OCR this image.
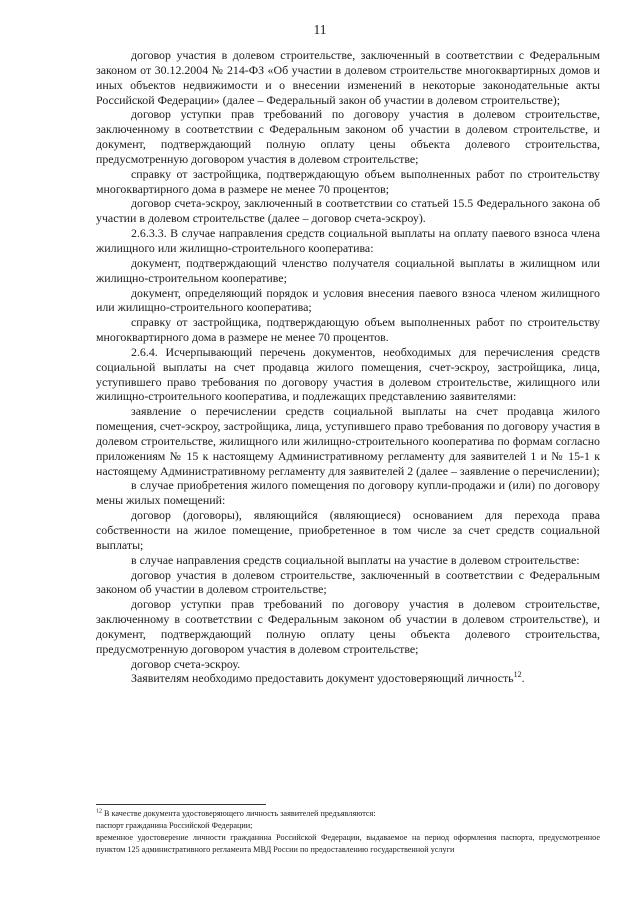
11

договор участия в долевом строительстве, заключенный в соответствии с Федеральным законом от 30.12.2004 № 214-ФЗ «Об участии в долевом строительстве многоквартирных домов и иных объектов недвижимости и о внесении изменений в некоторые законодательные акты Российской Федерации» (далее – Федеральный закон об участии в долевом строительстве);

договор уступки прав требований по договору участия в долевом строительстве, заключенному в соответствии с Федеральным законом об участии в долевом строительстве, и документ, подтверждающий полную оплату цены объекта долевого строительства, предусмотренную договором участия в долевом строительстве;

справку от застройщика, подтверждающую объем выполненных работ по строительству многоквартирного дома в размере не менее 70 процентов;

договор счета-эскроу, заключенный в соответствии со статьей 15.5 Федерального закона об участии в долевом строительстве (далее – договор счета-эскроу).

2.6.3.3. В случае направления средств социальной выплаты на оплату паевого взноса члена жилищного или жилищно-строительного кооператива:

документ, подтверждающий членство получателя социальной выплаты в жилищном или жилищно-строительном кооперативе;

документ, определяющий порядок и условия внесения паевого взноса членом жилищного или жилищно-строительного кооператива;

справку от застройщика, подтверждающую объем выполненных работ по строительству многоквартирного дома в размере не менее 70 процентов.

2.6.4. Исчерпывающий перечень документов, необходимых для перечисления средств социальной выплаты на счет продавца жилого помещения, счет-эскроу, застройщика, лица, уступившего право требования по договору участия в долевом строительстве, жилищного или жилищно-строительного кооператива, и подлежащих представлению заявителями:

заявление о перечислении средств социальной выплаты на счет продавца жилого помещения, счет-эскроу, застройщика, лица, уступившего право требования по договору участия в долевом строительстве, жилищного или жилищно-строительного кооператива по формам согласно приложениям № 15 к настоящему Административному регламенту для заявителей 1 и № 15-1 к настоящему Административному регламенту для заявителей 2 (далее – заявление о перечислении);

в случае приобретения жилого помещения по договору купли-продажи и (или) по договору мены жилых помещений:

договор (договоры), являющийся (являющиеся) основанием для перехода права собственности на жилое помещение, приобретенное в том числе за счет средств социальной выплаты;

в случае направления средств социальной выплаты на участие в долевом строительстве:

договор участия в долевом строительстве, заключенный в соответствии с Федеральным законом об участии в долевом строительстве;

договор уступки прав требований по договору участия в долевом строительстве, заключенному в соответствии с Федеральным законом об участии в долевом строительстве), и документ, подтверждающий полную оплату цены объекта долевого строительства, предусмотренную договором участия в долевом строительстве;

договор счета-эскроу.

Заявителям необходимо предоставить документ удостоверяющий личность$^{12}$.

$^{12}$ В качестве документа удостоверяющего личность заявителей предъявляются:

паспорт гражданина Российской Федерации;

временное удостоверение личности гражданина Российской Федерации, выдаваемое на период оформления паспорта, предусмотренное пунктом 125 административного регламента МВД России по предоставлению государственной услуги
